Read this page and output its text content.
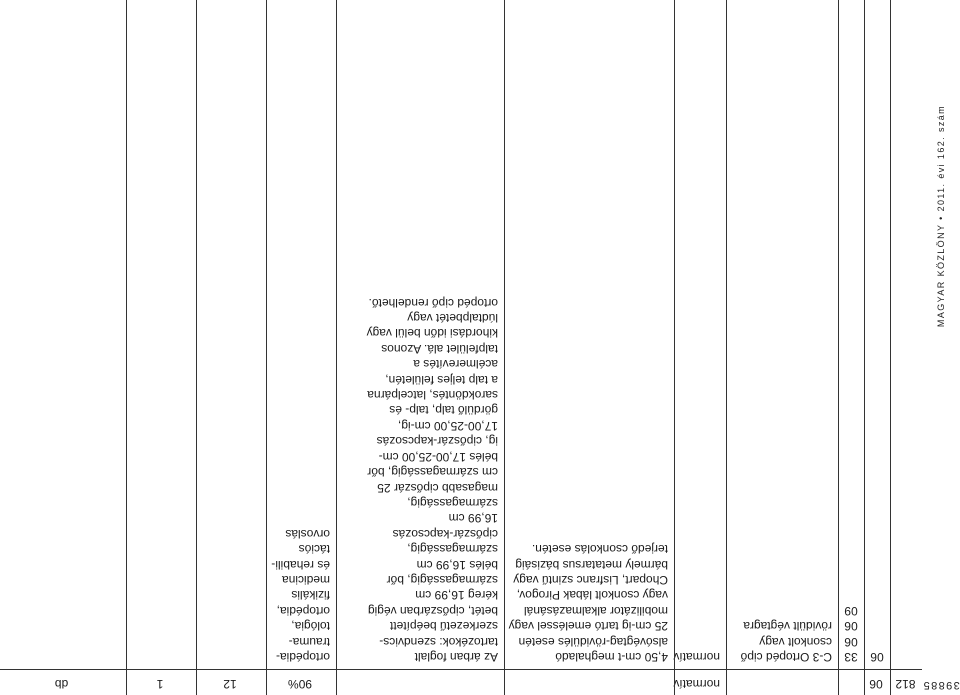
39885
MAGYAR KÖZLÖNY • 2011. évi 162. szám
812
06
normatív
90%
12
1
db
06
33
06
06
09
C-3 Ortopéd cipő csonkolt vagy rövidült végtagra
normatív
4,50 cm-t meghaladó alsóvégtag-rövidülés esetén 25 cm-ig tartó emeléssel vagy mobilizátor alkalmazásánál vagy csonkolt lábak Pirogov, Chopart, Lisfranc szintű vagy bármely metatarsus bázisáig terjedő csonkolás esetén.
Az árban foglalt tartozékok: szendvics-szerkezetű beépített betét, cipőszárban végig kéreg 16,99 cm szármagasságig, bőr bélés 16,99 cm szármagasságig, cipőszár-kapcsozás 16,99 cm szármagasságig, magasabb cipőszár 25 cm szármagasságig, bőr bélés 17,00-25,00 cm-ig, cipőszár-kapcsozás 17,00-25,00 cm-ig, gördülő talp, talp- és sarokdöntés, latcelpárna a talp teljes felületén, acélmerevítés a talpfelület alá. Azonos kihordási időn belül vagy lúdtalpbetét vagy ortopéd cipő rendelhető.
ortopédia-trauma-tológia, ortopédia, fizikális medicina és rehabili-tációs orvoslás
